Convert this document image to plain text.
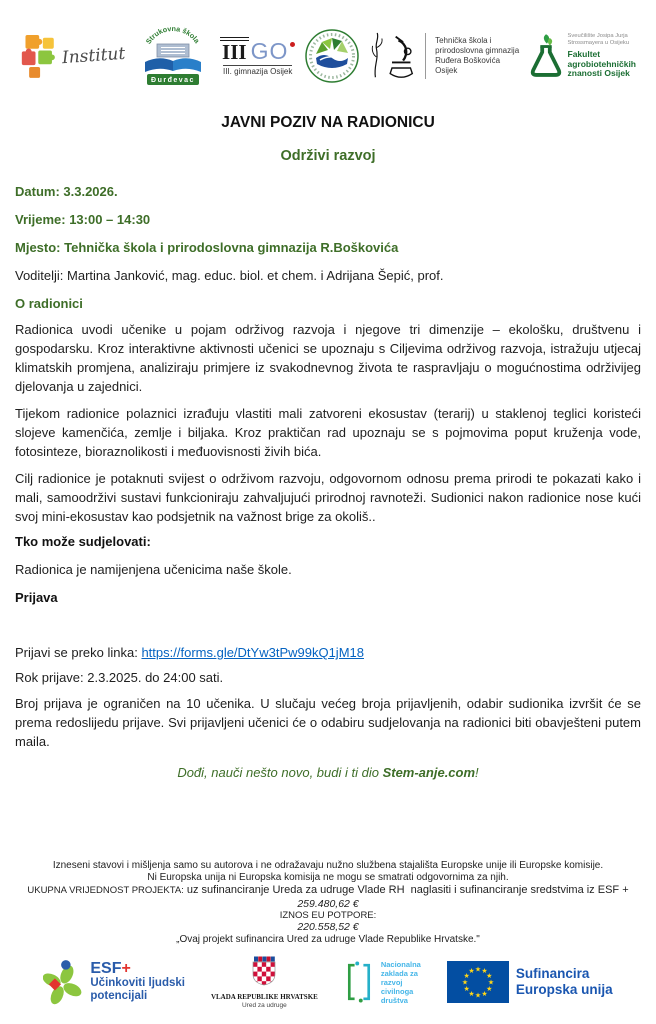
Institut
Strukovna škola
Đurđevac
III GO
III. gimnazija Osijek
Tehnička škola i
prirodoslovna gimnazija
Ruđera Boškovića
Osijek
Sveučilište Josipa Jurja
Strossmayera u Osijeku
Fakultet
agrobiotehničkih
znanosti Osijek
JAVNI POZIV NA RADIONICU
Održivi razvoj

Datum: 3.3.2026.

Vrijeme: 13:00 – 14:30

Mjesto: Tehnička škola i prirodoslovna gimnazija R.Boškovića

Voditelji: Martina Janković, mag. educ. biol. et chem. i Adrijana Šepić, prof.

O radionici

Radionica uvodi učenike u pojam održivog razvoja i njegove tri dimenzije – ekološku, društvenu i gospodarsku. Kroz interaktivne aktivnosti učenici se upoznaju s Ciljevima održivog razvoja, istražuju utjecaj klimatskih promjena, analiziraju primjere iz svakodnevnog života te raspravljaju o mogućnostima održivijeg djelovanja u zajednici.

Tijekom radionice polaznici izrađuju vlastiti mali zatvoreni ekosustav (terarij) u staklenoj teglici koristeći slojeve kamenčića, zemlje i biljaka. Kroz praktičan rad upoznaju se s pojmovima poput kruženja vode, fotosinteze, bioraznolikosti i međuovisnosti živih bića.

Cilj radionice je potaknuti svijest o održivom razvoju, odgovornom odnosu prema prirodi te pokazati kako i mali, samoodrživi sustavi funkcioniraju zahvaljujući prirodnoj ravnoteži. Sudionici nakon radionice nose kući svoj mini-ekosustav kao podsjetnik na važnost brige za okoliš..

Tko može sudjelovati:

Radionica je namijenjena učenicima naše škole.

Prijava

Prijavi se preko linka: https://forms.gle/DtYw3tPw99kQ1jM18

Rok prijave: 2.3.2025. do 24:00 sati.

Broj prijava je ograničen na 10 učenika. U slučaju većeg broja prijavljenih, odabir sudionika izvršit će se prema redoslijedu prijave. Svi prijavljeni učenici će o odabiru sudjelovanja na radionici biti obavješteni putem maila.

Dođi, nauči nešto novo, budi i ti dio Stem-anje.com!

Izneseni stavovi i mišljenja samo su autorova i ne odražavaju nužno službena stajališta Europske unije ili Europske komisije.
Ni Europska unija ni Europska komisija ne mogu se smatrati odgovornima za njih.
UKUPNA VRIJEDNOST PROJEKTA: uz sufinanciranje Ureda za udruge Vlade RH  naglasiti i sufinanciranje sredstvima iz ESF +
259.480,62 €
IZNOS EU POTPORE:
220.558,52 €
„Ovaj projekt sufinancira Ured za udruge Vlade Republike Hrvatske."
ESF+
Učinkoviti ljudski
potencijali	VLADA REPUBLIKE HRVATSKE
Ured za udruge
Nacionalna
zaklada za
razvoj
civilnoga
društva
★ ★
★
★
★
★
★
★
★
★
★
★	Sufinancira
Europska unija
